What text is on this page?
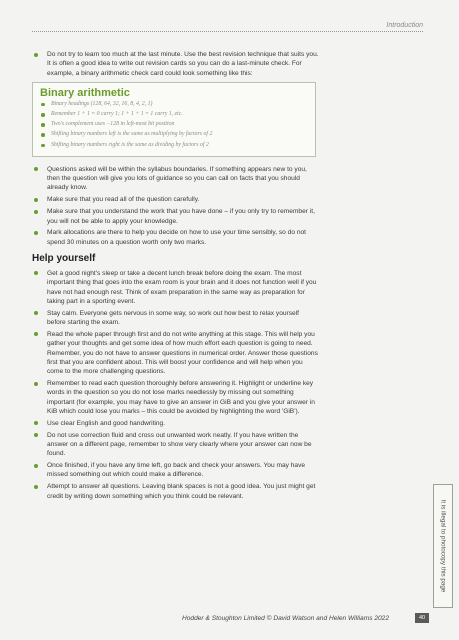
Introduction
Do not try to learn too much at the last minute. Use the best revision technique that suits you. It is often a good idea to write out revision cards so you can do a last-minute check. For example, a binary arithmetic check card could look something like this:
Binary arithmetic
Binary headings (128, 64, 32, 16, 8, 4, 2, 1)
Remember 1 + 1 = 0 carry 1; 1 + 1 + 1 = 1 carry 1, etc.
Two's complement uses −128 in left-most bit position
Shifting binary numbers left is the same as multiplying by factors of 2
Shifting binary numbers right is the same as dividing by factors of 2
Questions asked will be within the syllabus boundaries. If something appears new to you, then the question will give you lots of guidance so you can call on facts that you should already know.
Make sure that you read all of the question carefully.
Make sure that you understand the work that you have done – if you only try to remember it, you will not be able to apply your knowledge.
Mark allocations are there to help you decide on how to use your time sensibly, so do not spend 30 minutes on a question worth only two marks.
Help yourself
Get a good night's sleep or take a decent lunch break before doing the exam. The most important thing that goes into the exam room is your brain and it does not function well if you have not had enough rest. Think of exam preparation in the same way as preparation for taking part in a sporting event.
Stay calm. Everyone gets nervous in some way, so work out how best to relax yourself before starting the exam.
Read the whole paper through first and do not write anything at this stage. This will help you gather your thoughts and get some idea of how much effort each question is going to need. Remember, you do not have to answer questions in numerical order. Answer those questions first that you are confident about. This will boost your confidence and will help when you come to the more challenging questions.
Remember to read each question thoroughly before answering it. Highlight or underline key words in the question so you do not lose marks needlessly by missing out something important (for example, you may have to give an answer in GiB and you give your answer in KiB which could lose you marks – this could be avoided by highlighting the word 'GiB').
Use clear English and good handwriting.
Do not use correction fluid and cross out unwanted work neatly. If you have written the answer on a different page, remember to show very clearly where your answer can now be found.
Once finished, if you have any time left, go back and check your answers. You may have missed something out which could make a difference.
Attempt to answer all questions. Leaving blank spaces is not a good idea. You just might get credit by writing down something which you think could be relevant.
It is illegal to photocopy this page
Hodder & Stoughton Limited © David Watson and Helen Williams 2022	40
